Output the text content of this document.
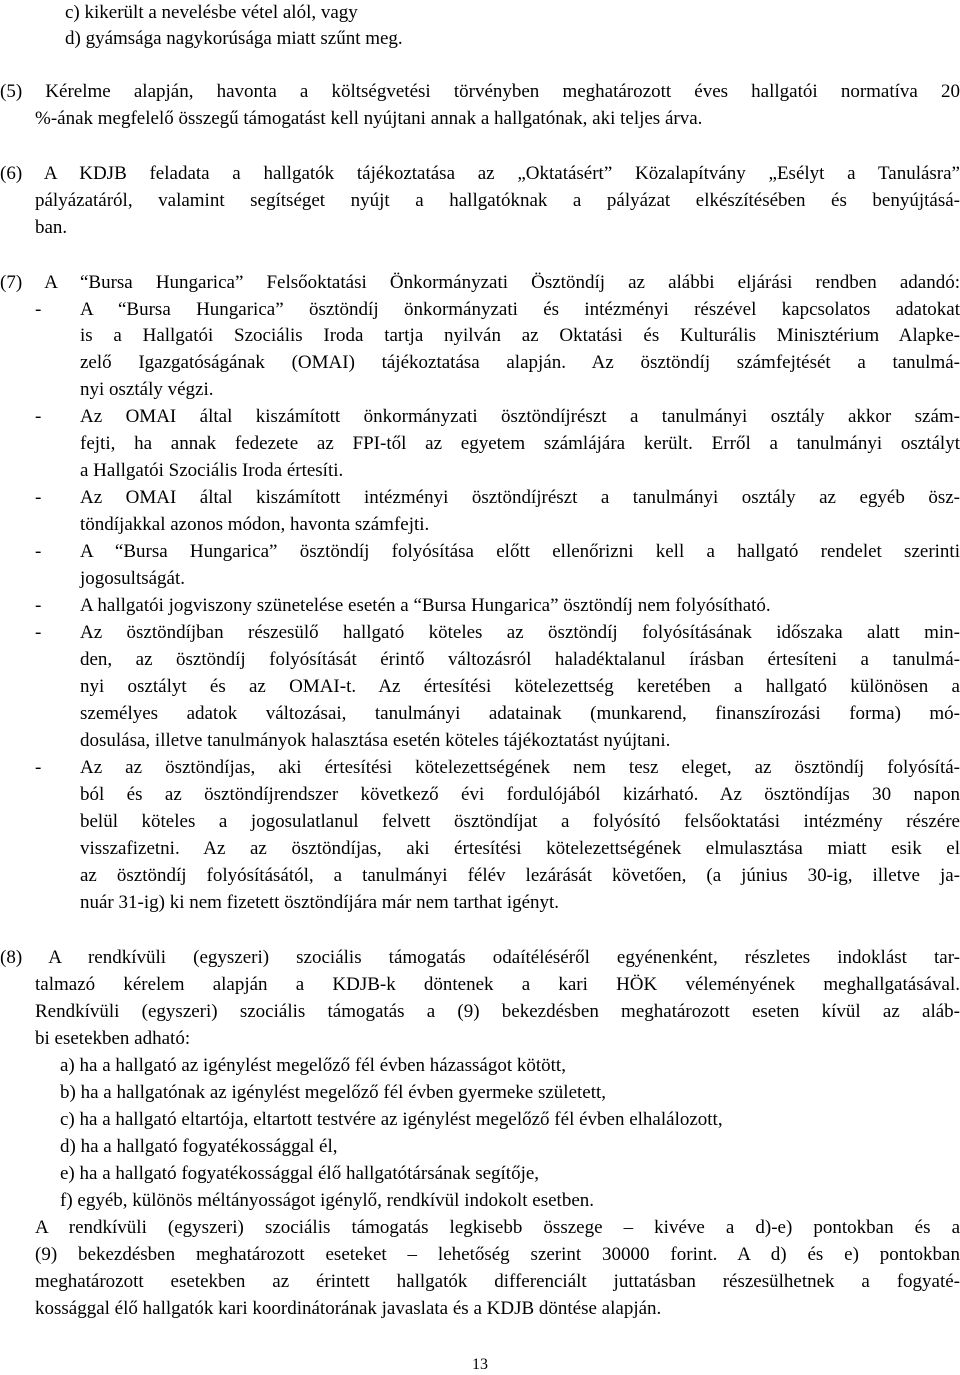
c) kikerült a nevelésbe vétel alól, vagy
d) gyámsága nagykorúsága miatt szűnt meg.
(5) Kérelme alapján, havonta a költségvetési törvényben meghatározott éves hallgatói normatíva 20
%-ának megfelelő összegű támogatást kell nyújtani annak a hallgatónak, aki teljes árva.
(6) A KDJB feladata a hallgatók tájékoztatása az „Oktatásért” Közalapítvány „Esélyt a Tanulásra”
pályázatáról, valamint segítséget nyújt a hallgatóknak a pályázat elkészítésében és benyújtásá-
ban.
(7) A “Bursa Hungarica” Felsőoktatási Önkormányzati Ösztöndíj az alábbi eljárási rendben adandó:
- A “Bursa Hungarica” ösztöndíj önkormányzati és intézményi részével kapcsolatos adatokat
is a Hallgatói Szociális Iroda tartja nyilván az Oktatási és Kulturális Minisztérium Alapke-
zelő Igazgatóságának (OMAI) tájékoztatása alapján. Az ösztöndíj számfejtését a tanulmá-
nyi osztály végzi.
- Az OMAI által kiszámított önkormányzati ösztöndíjrészt a tanulmányi osztály akkor szám-
fejti, ha annak fedezete az FPI-től az egyetem számlájára került. Erről a tanulmányi osztályt
a Hallgatói Szociális Iroda értesíti.
- Az OMAI által kiszámított intézményi ösztöndíjrészt a tanulmányi osztály az egyéb ösz-
töndíjakkal azonos módon, havonta számfejti.
- A “Bursa Hungarica” ösztöndíj folyósítása előtt ellenőrizni kell a hallgató rendelet szerinti
jogosultságát.
- A hallgatói jogviszony szünetelése esetén a “Bursa Hungarica” ösztöndíj nem folyósítható.
- Az ösztöndíjban részesülő hallgató köteles az ösztöndíj folyósításának időszaka alatt min-
den, az ösztöndíj folyósítását érintő változásról haladéktalanul írásban értesíteni a tanulmá-
nyi osztályt és az OMAI-t. Az értesítési kötelezettség keretében a hallgató különösen a
személyes adatok változásai, tanulmányi adatainak (munkarend, finanszírozási forma) mó-
dosulása, illetve tanulmányok halasztása esetén köteles tájékoztatást nyújtani.
- Az az ösztöndíjas, aki értesítési kötelezettségének nem tesz eleget, az ösztöndíj folyósítá-
ból és az ösztöndíjrendszer következő évi fordulójából kizárható. Az ösztöndíjas 30 napon
belül köteles a jogosulatlanul felvett ösztöndíjat a folyósító felsőoktatási intézmény részére
visszafizetni. Az az ösztöndíjas, aki értesítési kötelezettségének elmulasztása miatt esik el
az ösztöndíj folyósításától, a tanulmányi félév lezárását követően, (a június 30-ig, illetve ja-
nuár 31-ig) ki nem fizetett ösztöndíjára már nem tarthat igényt.
(8) A rendkívüli (egyszeri) szociális támogatás odaítéléséről egyénenként, részletes indoklást tar-
talmazó kérelem alapján a KDJB-k döntenek a kari HÖK véleményének meghallgatásával.
Rendkívüli (egyszeri) szociális támogatás a (9) bekezdésben meghatározott eseten kívül az aláb-
bi esetekben adható:
a) ha a hallgató az igénylést megelőző fél évben házasságot kötött,
b) ha a hallgatónak az igénylést megelőző fél évben gyermeke született,
c) ha a hallgató eltartója, eltartott testvére az igénylést megelőző fél évben elhalálozott,
d) ha a hallgató fogyatékossággal él,
e) ha a hallgató fogyatékossággal élő hallgatótársának segítője,
f) egyéb, különös méltányosságot igénylő, rendkívül indokolt esetben.
A rendkívüli (egyszeri) szociális támogatás legkisebb összege – kivéve a d)-e) pontokban és a
(9) bekezdésben meghatározott eseteket – lehetőség szerint 30000 forint. A d) és e) pontokban
meghatározott esetekben az érintett hallgatók differenciált juttatásban részesülhetnek a fogyaté-
kossággal élő hallgatók kari koordinátorának javaslata és a KDJB döntése alapján.
13
